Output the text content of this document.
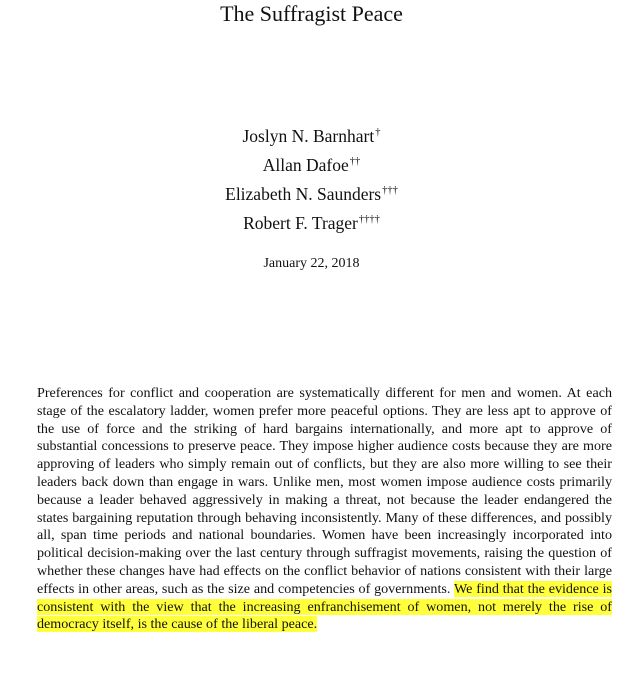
The Suffragist Peace
Joslyn N. Barnhart†
Allan Dafoe††
Elizabeth N. Saunders†††
Robert F. Trager††††
January 22, 2018

Preferences for conflict and cooperation are systematically different for men and women. At each stage of the escalatory ladder, women prefer more peaceful options. They are less apt to approve of the use of force and the striking of hard bargains internationally, and more apt to approve of substantial concessions to preserve peace. They impose higher audience costs because they are more approving of leaders who simply remain out of conflicts, but they are also more willing to see their leaders back down than engage in wars. Unlike men, most women impose audience costs primarily because a leader behaved aggressively in making a threat, not because the leader endangered the states bargaining reputation through behaving inconsistently. Many of these differences, and possibly all, span time periods and national boundaries. Women have been increasingly incorporated into political decision-making over the last century through suffragist movements, raising the question of whether these changes have had effects on the conflict behavior of nations consistent with their large effects in other areas, such as the size and competencies of governments. We find that the evidence is consistent with the view that the increasing enfranchisement of women, not merely the rise of democracy itself, is the cause of the liberal peace.
